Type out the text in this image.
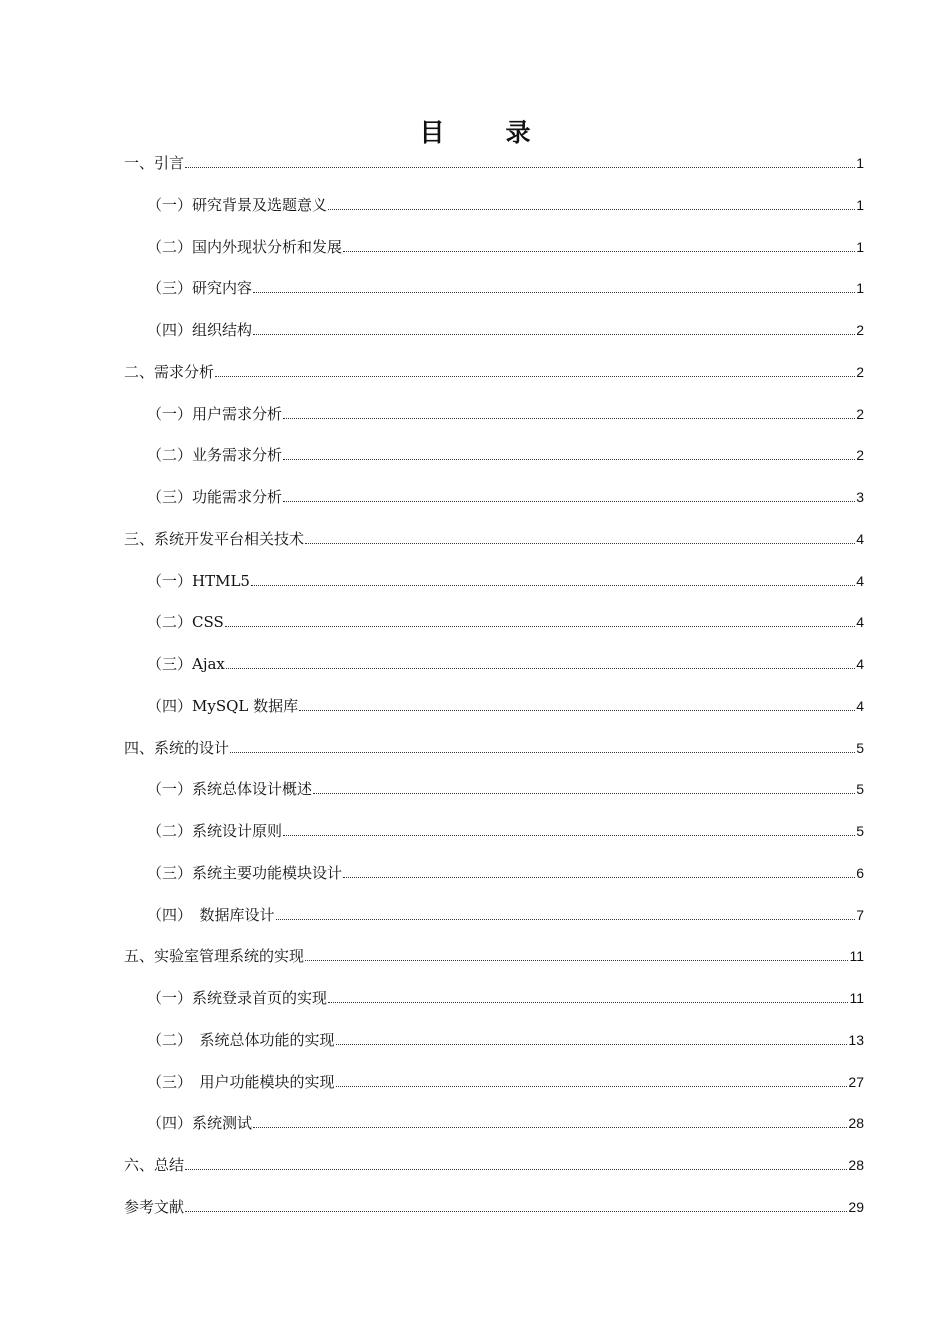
目　录
一、引言	1
（一）研究背景及选题意义	1
（二）国内外现状分析和发展	1
（三）研究内容	1
（四）组织结构	2
二、需求分析	2
（一）用户需求分析	2
（二）业务需求分析	2
（三）功能需求分析	3
三、系统开发平台相关技术	4
（一）HTML5	4
（二）CSS	4
（三）Ajax	4
（四）MySQL 数据库	4
四、系统的设计	5
（一）系统总体设计概述	5
（二）系统设计原则	5
（三）系统主要功能模块设计	6
（四）　数据库设计	7
五、实验室管理系统的实现	11
（一）系统登录首页的实现	11
（二）　系统总体功能的实现	13
（三）　用户功能模块的实现	27
（四）系统测试	28
六、总结	28
参考文献	29
